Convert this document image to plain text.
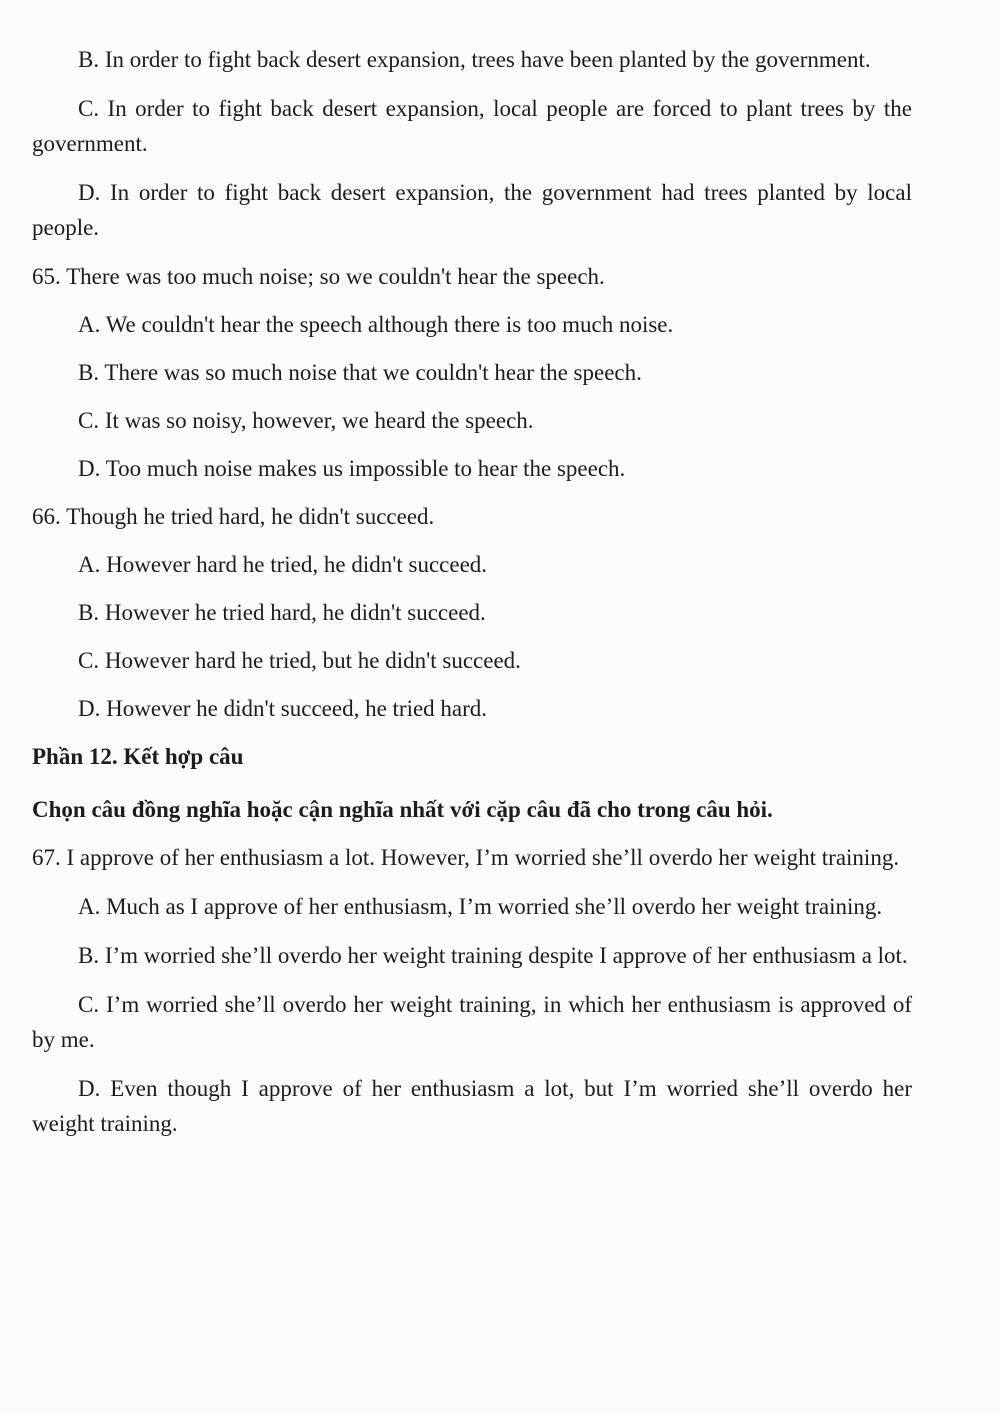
B. In order to fight back desert expansion, trees have been planted by the government.

C. In order to fight back desert expansion, local people are forced to plant trees by the government.

D. In order to fight back desert expansion, the government had trees planted by local people.

65. There was too much noise; so we couldn't hear the speech.

A. We couldn't hear the speech although there is too much noise.

B. There was so much noise that we couldn't hear the speech.

C. It was so noisy, however, we heard the speech.

D. Too much noise makes us impossible to hear the speech.

66. Though he tried hard, he didn't succeed.

A. However hard he tried, he didn't succeed.

B. However he tried hard, he didn't succeed.

C. However hard he tried, but he didn't succeed.

D. However he didn't succeed, he tried hard.

Phần 12. Kết hợp câu

Chọn câu đồng nghĩa hoặc cận nghĩa nhất với cặp câu đã cho trong câu hỏi.

67. I approve of her enthusiasm a lot. However, I’m worried she’ll overdo her weight training.

A. Much as I approve of her enthusiasm, I’m worried she’ll overdo her weight training.

B. I’m worried she’ll overdo her weight training despite I approve of her enthusiasm a lot.

C. I’m worried she’ll overdo her weight training, in which her enthusiasm is approved of by me.

D. Even though I approve of her enthusiasm a lot, but I’m worried she’ll overdo her weight training.
